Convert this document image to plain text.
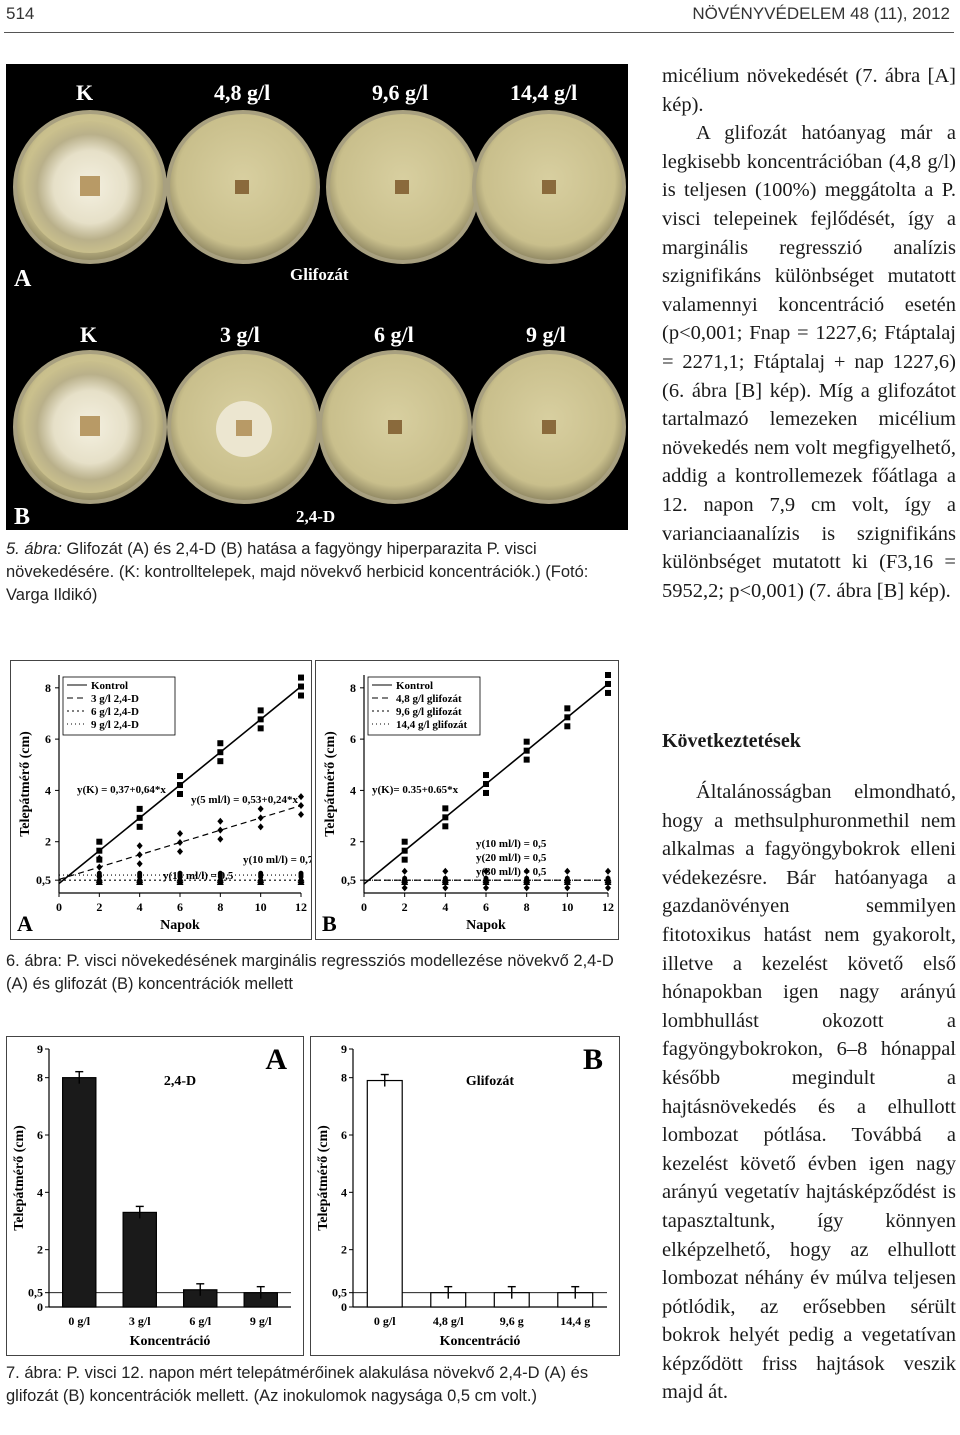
514	NÖVÉNYVÉDELEM 48 (11), 2012
K	4,8 g/l	9,6 g/l	14,4 g/l
A	Glifozát
K	3 g/l	6 g/l	9 g/l
B	2,4-D
5. ábra: Glifozát (A) és 2,4-D (B) hatása a fagyöngy hiperparazita P. visci növekedésére. (K: kontrolltelepek, majd növekvő herbicid koncentrációk.) (Fotó: Varga Ildikó)
0	2	4	6	8	10 12
0,5
2
4
6
8
Napok
Telepátmérő (cm)
A
Kontrol
3 g/l 2,4-D
6 g/l 2,4-D
9 g/l 2,4-D
y(K) = 0,37+0,64*x
y(5 ml/l) = 0,53+0,24*x
y(10 ml/l) = 0,7
y(15 ml/l) = 0,5
0	2	4	6	8	10 12
0,5
2
4
6
8
Napok
Telepátmérő (cm)
B
Kontrol
4,8 g/l glifozát
9,6 g/l glifozát
14,4 g/l glifozát
y(K)= 0.35+0.65*x
y(10 ml/l) = 0,5
y(20 ml/l) = 0,5
y(30 ml/l) = 0,5
6. ábra: P. visci növekedésének marginális regressziós modellezése növekvő 2,4-D (A) és glifozát (B) koncentrációk mellett
0
0,5
2
4
6
8
9
0 g/l	3 g/l	6 g/l	9 g/l
Koncentráció
Telepátmérő (cm)
2,4-D
A
0
0,5
2
4
6
8
9
0 g/l	4,8 g/l	9,6 g	14,4 g
Koncentráció
Telepátmérő (cm)
Glifozát
B
7. ábra: P. visci 12. napon mért telepátmérőinek alakulása növekvő 2,4-D (A) és glifozát (B) koncentrációk mellett. (Az inokulomok nagysága 0,5 cm volt.)

micélium növekedését (7. ábra [A] kép).

A glifozát hatóanyag már a legkisebb koncentrációban (4,8 g/l) is teljesen (100%) meggátolta a P. visci telepeinek fejlődését, így a marginális regresszió analízis szignifikáns különbséget mutatott valamennyi koncentráció esetén (p<0,001; Fnap = 1227,6; Ftáptalaj = 2271,1; Ftáptalaj + nap 1227,6) (6. ábra [B] kép). Míg a glifozátot tartalmazó lemezeken micélium növekedés nem volt megfigyelhető, addig a kontrollemezek főátlaga a 12. napon 7,9 cm volt, így a varianciaanalízis is szignifikáns különbséget mutatott ki (F3,16 = 5952,2; p<0,001) (7. ábra [B] kép).

Következtetések

Általánosságban elmondható, hogy a methsulphuronmethil nem alkalmas a fagyöngybokrok elleni védekezésre. Bár hatóanyaga a gazdanövényen semmilyen fitotoxikus hatást nem gyakorolt, illetve a kezelést követő első hónapokban igen nagy arányú lombhullást okozott a fagyöngybokrokon, 6–8 hónappal később megindult a hajtásnövekedés és a elhullott lombozat pótlása. Továbbá a kezelést követő évben igen nagy arányú vegetatív hajtásképződést is tapasztaltunk, így könnyen elképzelhető, hogy az elhullott lombozat néhány év múlva teljesen pótlódik, az erősebben sérült bokrok helyét pedig a vegetatívan képződött friss hajtások veszik majd át.
